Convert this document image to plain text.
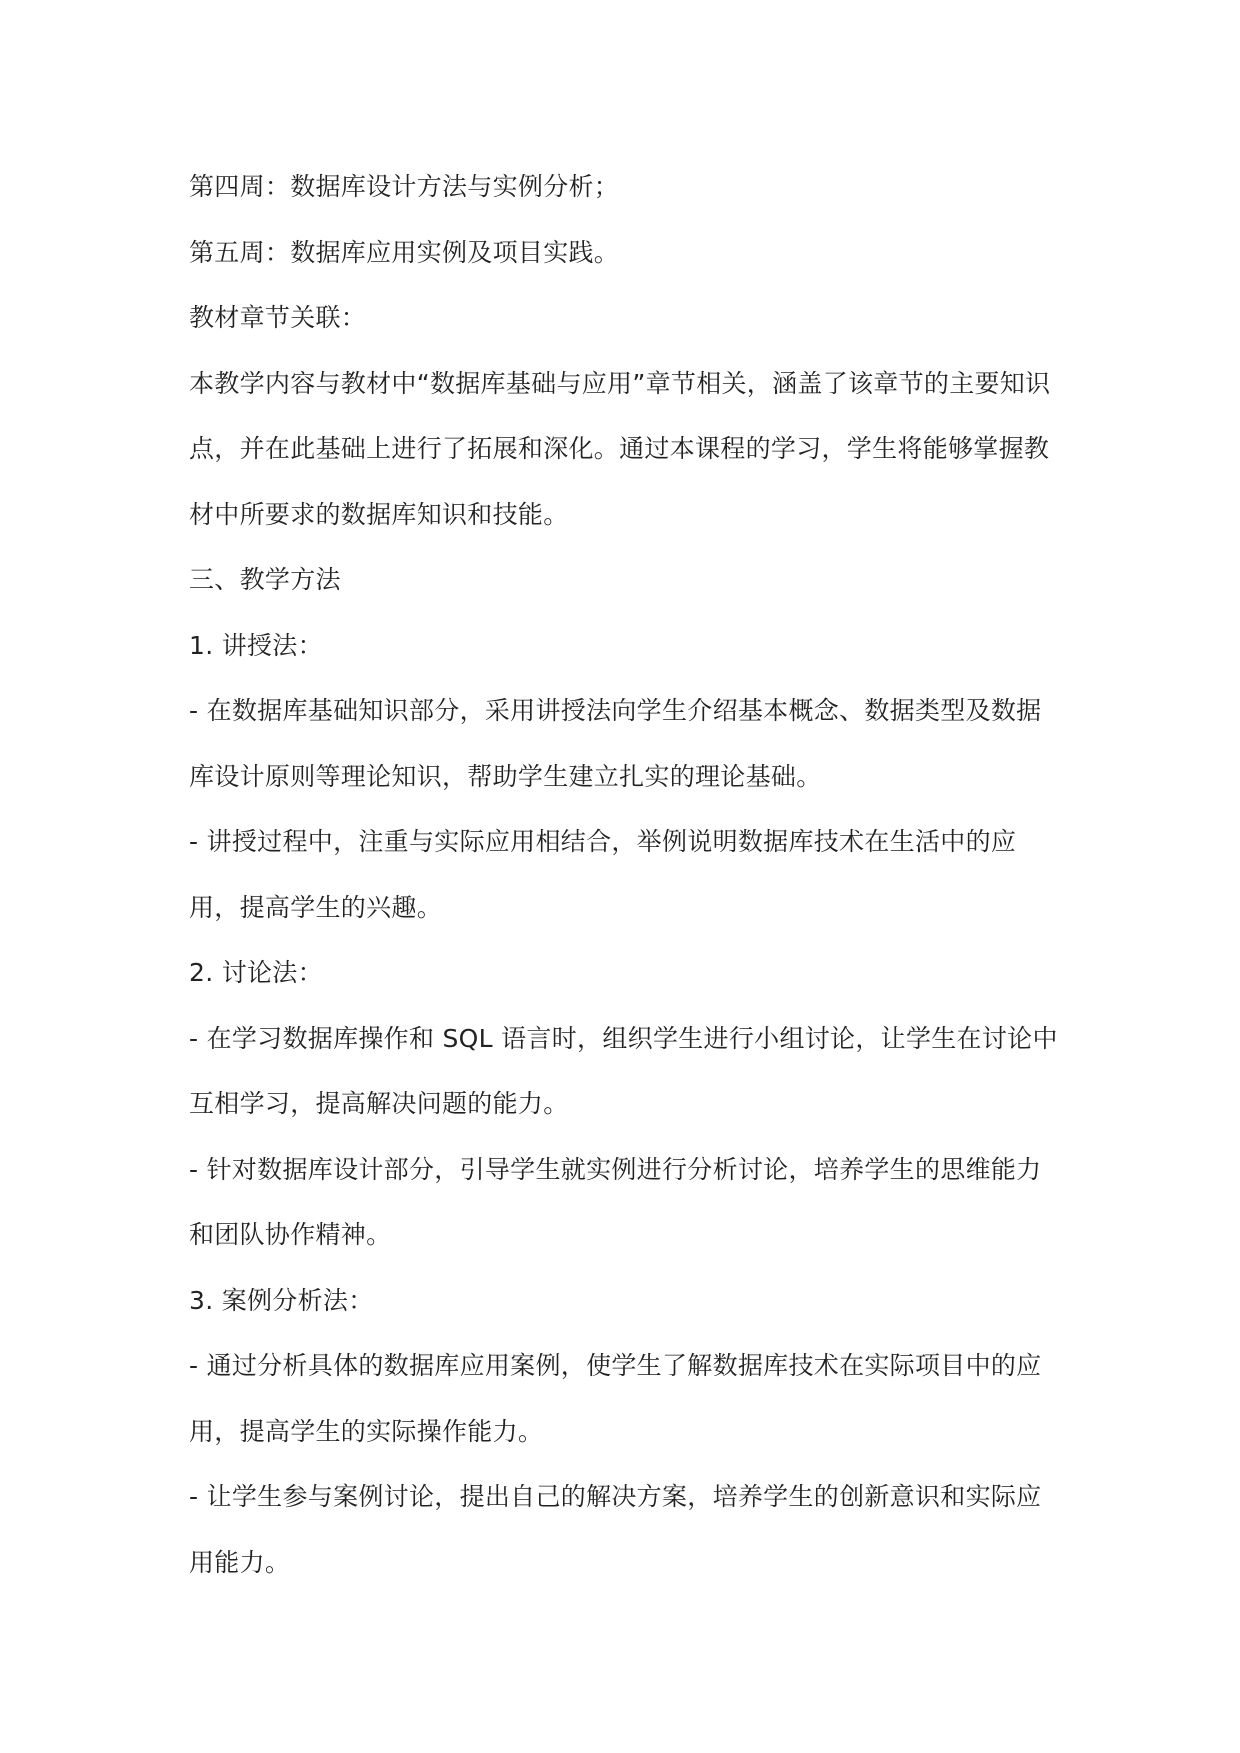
第四周：数据库设计方法与实例分析；
第五周：数据库应用实例及项目实践。
教材章节关联：
本教学内容与教材中“数据库基础与应用”章节相关，涵盖了该章节的主要知识
点，并在此基础上进行了拓展和深化。通过本课程的学习，学生将能够掌握教
材中所要求的数据库知识和技能。
三、教学方法
1. 讲授法：
- 在数据库基础知识部分，采用讲授法向学生介绍基本概念、数据类型及数据
库设计原则等理论知识，帮助学生建立扎实的理论基础。
- 讲授过程中，注重与实际应用相结合，举例说明数据库技术在生活中的应
用，提高学生的兴趣。
2. 讨论法：
- 在学习数据库操作和 SQL 语言时，组织学生进行小组讨论，让学生在讨论中
互相学习，提高解决问题的能力。
- 针对数据库设计部分，引导学生就实例进行分析讨论，培养学生的思维能力
和团队协作精神。
3. 案例分析法：
- 通过分析具体的数据库应用案例，使学生了解数据库技术在实际项目中的应
用，提高学生的实际操作能力。
- 让学生参与案例讨论，提出自己的解决方案，培养学生的创新意识和实际应
用能力。
